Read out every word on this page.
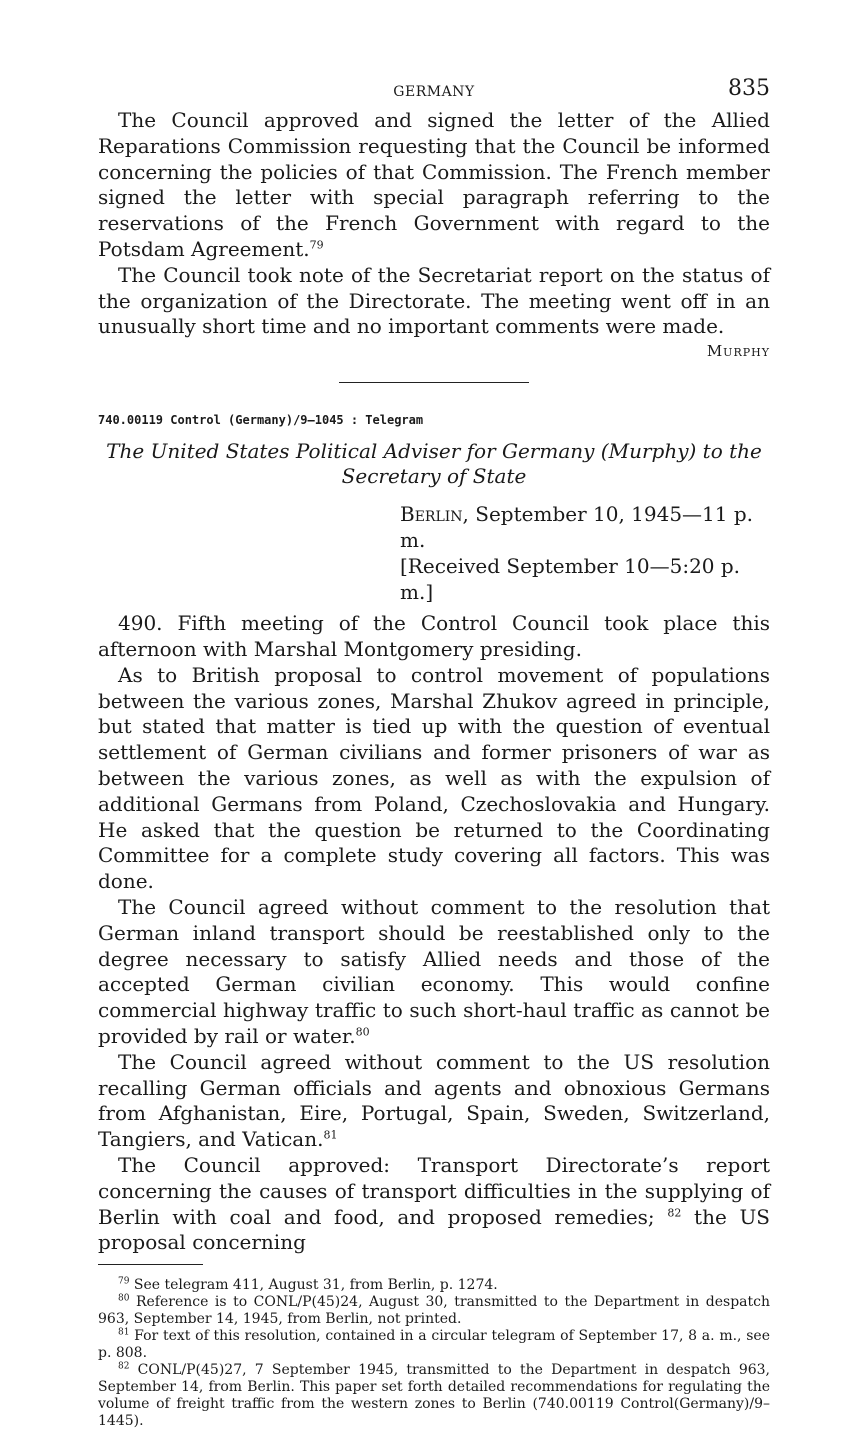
GERMANY	835

The Council approved and signed the letter of the Allied Reparations Commission requesting that the Council be informed concerning the policies of that Commission. The French member signed the letter with special paragraph referring to the reservations of the French Government with regard to the Potsdam Agreement.$^{79}$

The Council took note of the Secretariat report on the status of the organization of the Directorate. The meeting went off in an unusually short time and no important comments were made.

Murphy
740.00119 Control (Germany)/9–1045 : Telegram
The United States Political Adviser for Germany (Murphy) to the Secretary of State
Berlin, September 10, 1945—11 p. m.
[Received September 10—5:20 p. m.]

490. Fifth meeting of the Control Council took place this afternoon with Marshal Montgomery presiding.

As to British proposal to control movement of populations between the various zones, Marshal Zhukov agreed in principle, but stated that matter is tied up with the question of eventual settlement of German civilians and former prisoners of war as between the various zones, as well as with the expulsion of additional Germans from Poland, Czechoslovakia and Hungary. He asked that the question be returned to the Coordinating Committee for a complete study covering all factors. This was done.

The Council agreed without comment to the resolution that German inland transport should be reestablished only to the degree necessary to satisfy Allied needs and those of the accepted German civilian economy. This would confine commercial highway traffic to such short-haul traffic as cannot be provided by rail or water.$^{80}$

The Council agreed without comment to the US resolution recalling German officials and agents and obnoxious Germans from Afghanistan, Eire, Portugal, Spain, Sweden, Switzerland, Tangiers, and Vatican.$^{81}$

The Council approved: Transport Directorate’s report concerning the causes of transport difficulties in the supplying of Berlin with coal and food, and proposed remedies; $^{82}$ the US proposal concerning

$^{79}$ See telegram 411, August 31, from Berlin, p. 1274.

$^{80}$ Reference is to CONL/P(45)24, August 30, transmitted to the Department in despatch 963, September 14, 1945, from Berlin, not printed.

$^{81}$ For text of this resolution, contained in a circular telegram of September 17, 8 a. m., see p. 808.

$^{82}$ CONL/P(45)27, 7 September 1945, transmitted to the Department in despatch 963, September 14, from Berlin. This paper set forth detailed recommendations for regulating the volume of freight traffic from the western zones to Berlin (740.00119 Control(Germany)/9–1445).
